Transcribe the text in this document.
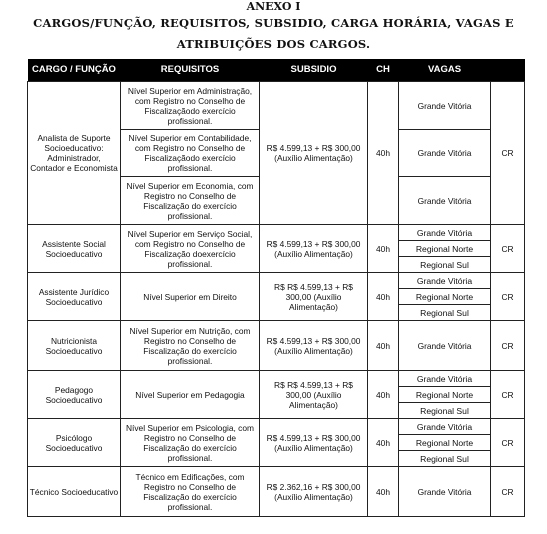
ANEXO I
CARGOS/FUNÇÃO, REQUISITOS, SUBSIDIO, CARGA HORÁRIA, VAGAS E
ATRIBUIÇÕES DOS CARGOS.
CARGO / FUNÇÃO	REQUISITOS	SUBSIDIO	CH	VAGAS	
Analista de Suporte Socioeducativo: Administrador, Contador e Economista	Nível Superior em Administração, com Registro no Conselho de Fiscalizaçãodo exercício profissional.	R$ 4.599,13 + R$ 300,00 (Auxílio Alimentação)	40h	Grande Vitória	CR
	Nível Superior em Contabilidade, com Registro no Conselho de Fiscalizaçãodo exercício profissional.			Grande Vitória	
	Nível Superior em Economia, com Registro no Conselho de Fiscalização do exercício profissional.			Grande Vitória	
Assistente Social Socioeducativo	Nível Superior em Serviço Social, com Registro no Conselho de Fiscalização doexercício profissional.	R$ 4.599,13 + R$ 300,00 (Auxílio Alimentação)	40h	Grande Vitória	CR
				Regional Norte	
				Regional Sul	
Assistente Jurídico Socioeducativo	Nível Superior em Direito	R$ R$ 4.599,13 + R$ 300,00 (Auxílio Alimentação)	40h	Grande Vitória	CR
				Regional Norte	
				Regional Sul	
Nutricionista Socioeducativo	Nível Superior em Nutrição, com Registro no Conselho de Fiscalização do exercício profissional.	R$ 4.599,13 + R$ 300,00 (Auxílio Alimentação)	40h	Grande Vitória	CR
Pedagogo Socioeducativo	Nível Superior em Pedagogia	R$ R$ 4.599,13 + R$ 300,00 (Auxílio Alimentação)	40h	Grande Vitória	CR
				Regional Norte	
				Regional Sul	
Psicólogo Socioeducativo	Nível Superior em Psicologia, com Registro no Conselho de Fiscalização do exercício profissional.	R$ 4.599,13 + R$ 300,00 (Auxílio Alimentação)	40h	Grande Vitória	CR
				Regional Norte	
				Regional Sul	
Técnico Socioeducativo	Técnico em Edificações, com Registro no Conselho de Fiscalização do exercício profissional.	R$ 2.362,16 + R$ 300,00 (Auxílio Alimentação)	40h	Grande Vitória	CR
